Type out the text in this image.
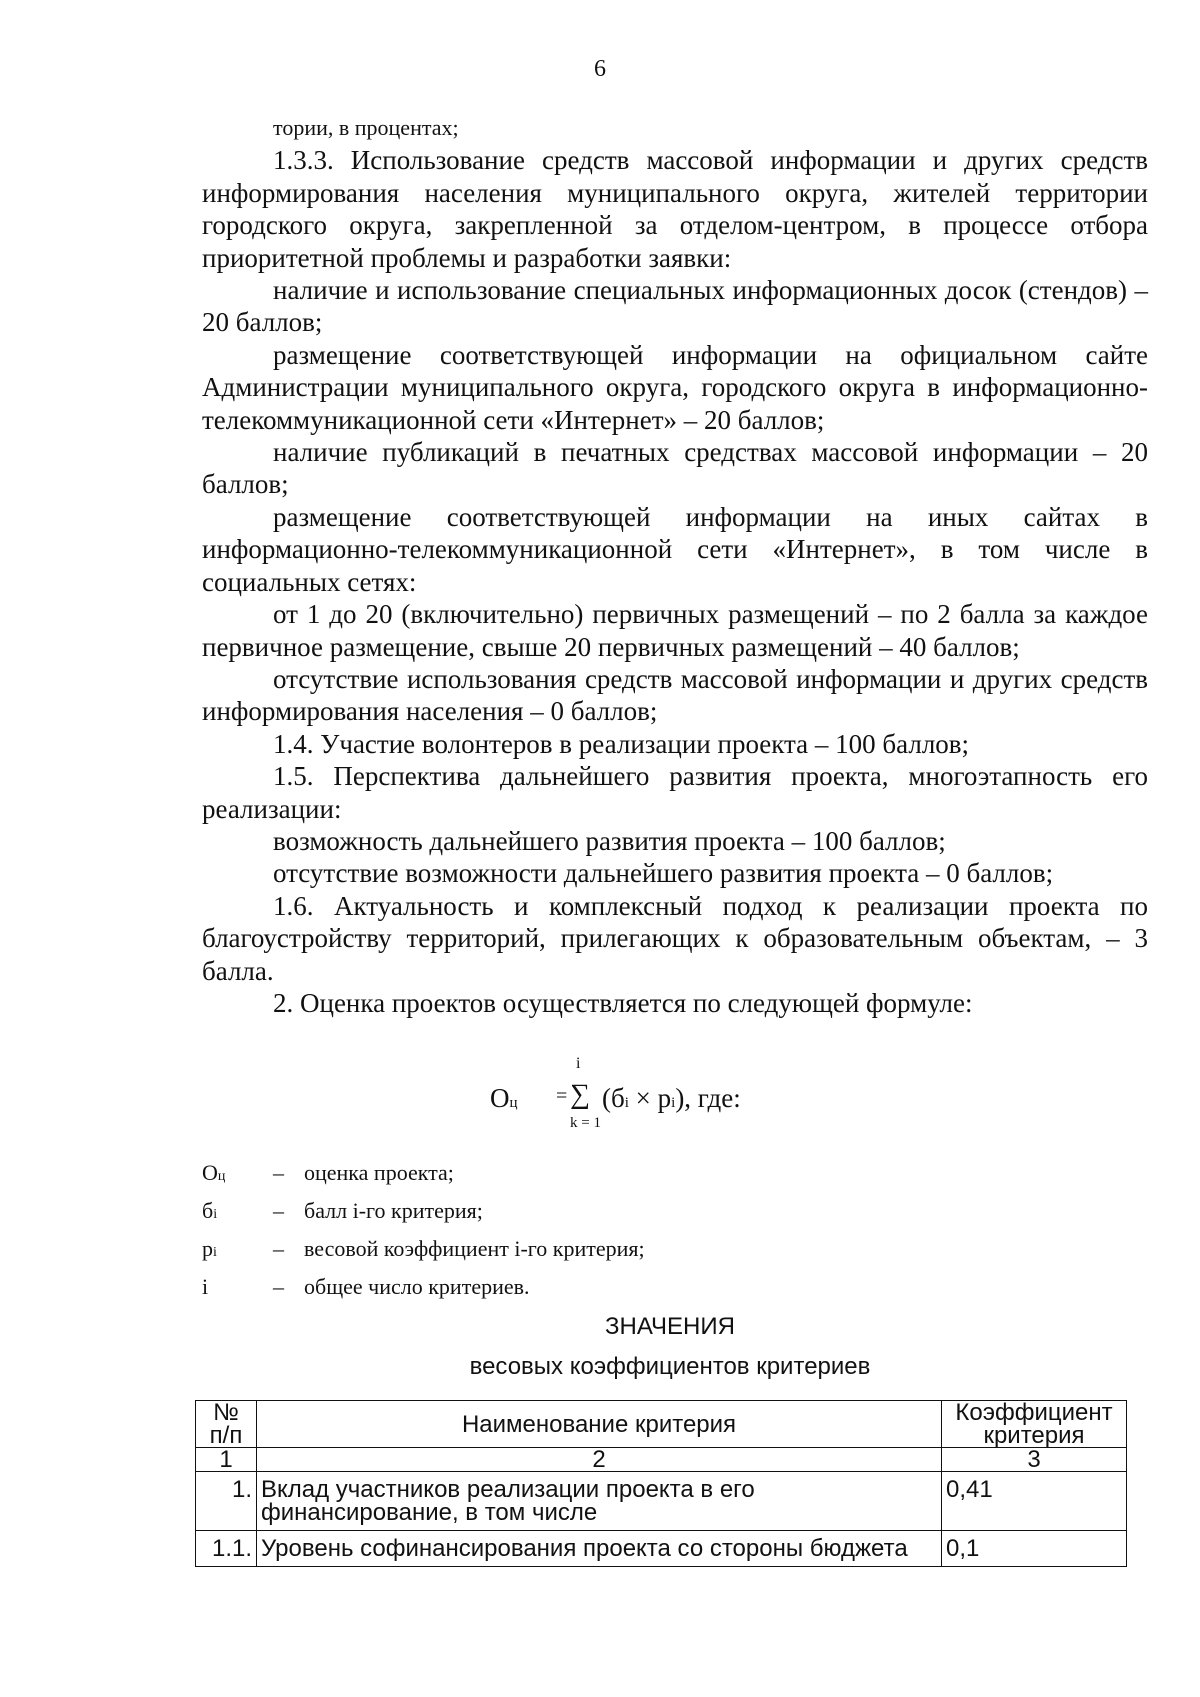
6

тории, в процентах;

1.3.3. Использование средств массовой информации и других средств информирования населения муниципального округа, жителей территории городского округа, закрепленной за отделом-центром, в процессе отбора приоритетной проблемы и разработки заявки:

наличие и использование специальных информационных досок (стендов) – 20 баллов;

размещение соответствующей информации на официальном сайте Администрации муниципального округа, городского округа в информационно-телекоммуникационной сети «Интернет» – 20 баллов;

наличие публикаций в печатных средствах массовой информации – 20 баллов;

размещение соответствующей информации на иных сайтах в информационно-телекоммуникационной сети «Интернет», в том числе в социальных сетях:

от 1 до 20 (включительно) первичных размещений – по 2 балла за каждое первичное размещение, свыше 20 первичных размещений – 40 баллов;

отсутствие использования средств массовой информации и других средств информирования населения – 0 баллов;

1.4. Участие волонтеров в реализации проекта – 100 баллов;

1.5. Перспектива дальнейшего развития проекта, многоэтапность его реализации:

возможность дальнейшего развития проекта – 100 баллов;

отсутствие возможности дальнейшего развития проекта – 0 баллов;

1.6. Актуальность и комплексный подход к реализации проекта по благоустройству территорий, прилегающих к образовательным объектам, – 3 балла.

2. Оценка проектов осуществляется по следующей формуле:

Оц
i
= ∑
k = 1
(бi × рi), где:
Оц – оценка проекта;
бi	– балл i-го критерия;
рi	– весовой коэффициент i-го критерия;
i	– общее число критериев.
ЗНАЧЕНИЯ
весовых коэффициентов критериев
№ п/п	Наименование критерия	Коэффициент критерия
1	2	3
1.	Вклад участников реализации проекта в его финансирование, в том числе	0,41
1.1.	Уровень софинансирования проекта со стороны бюджета	0,1
